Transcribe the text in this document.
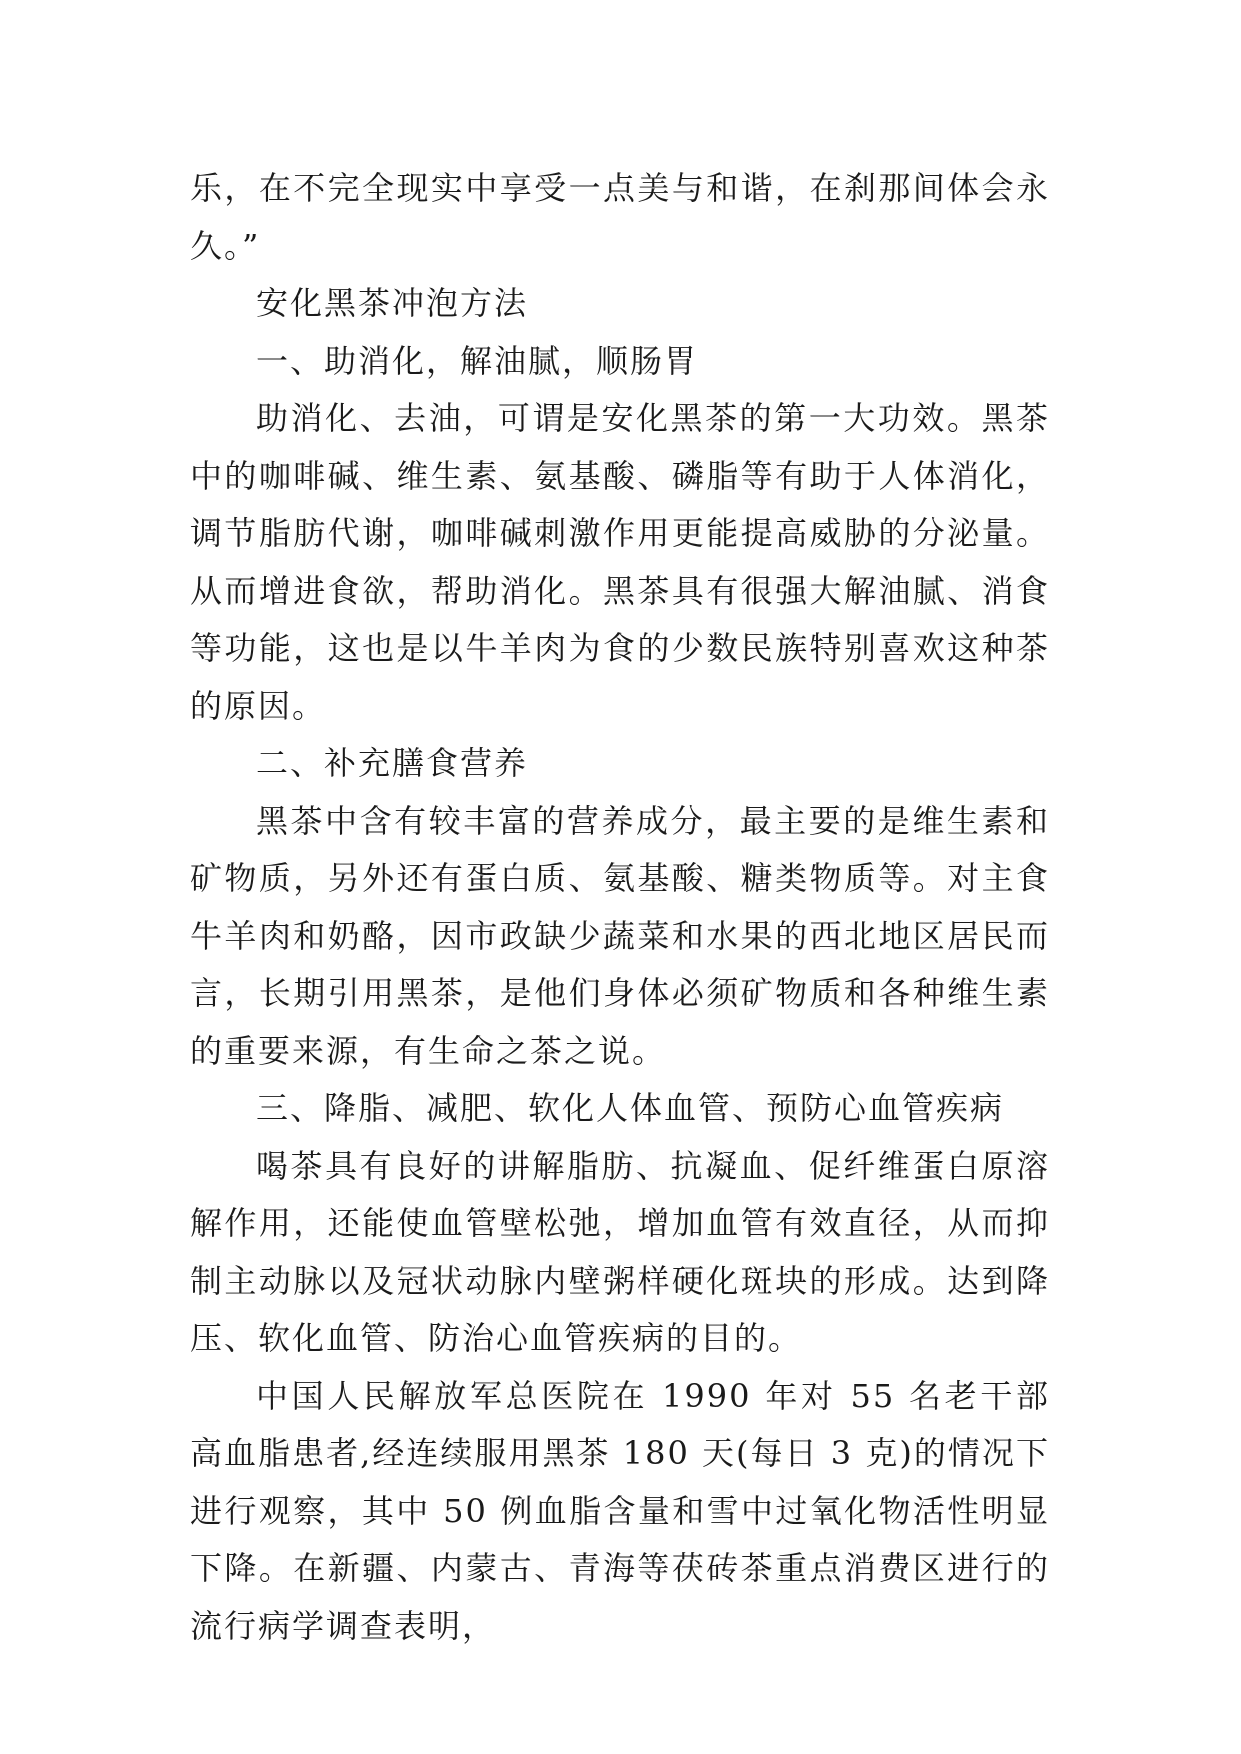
乐，在不完全现实中享受一点美与和谐，在刹那间体会永久。”

安化黑茶冲泡方法

一、助消化，解油腻，顺肠胃

助消化、去油，可谓是安化黑茶的第一大功效。黑茶中的咖啡碱、维生素、氨基酸、磷脂等有助于人体消化，调节脂肪代谢，咖啡碱刺激作用更能提高威胁的分泌量。从而增进食欲，帮助消化。黑茶具有很强大解油腻、消食等功能，这也是以牛羊肉为食的少数民族特别喜欢这种茶的原因。

二、补充膳食营养

黑茶中含有较丰富的营养成分，最主要的是维生素和矿物质，另外还有蛋白质、氨基酸、糖类物质等。对主食牛羊肉和奶酪，因市政缺少蔬菜和水果的西北地区居民而言，长期引用黑茶，是他们身体必须矿物质和各种维生素的重要来源，有生命之茶之说。

三、降脂、减肥、软化人体血管、预防心血管疾病

喝茶具有良好的讲解脂肪、抗凝血、促纤维蛋白原溶解作用，还能使血管壁松弛，增加血管有效直径，从而抑制主动脉以及冠状动脉内壁粥样硬化斑块的形成。达到降压、软化血管、防治心血管疾病的目的。

中国人民解放军总医院在 1990 年对 55 名老干部高血脂患者,经连续服用黑茶 180 天(每日 3 克)的情况下进行观察，其中 50 例血脂含量和雪中过氧化物活性明显下降。在新疆、内蒙古、青海等茯砖茶重点消费区进行的流行病学调查表明，
